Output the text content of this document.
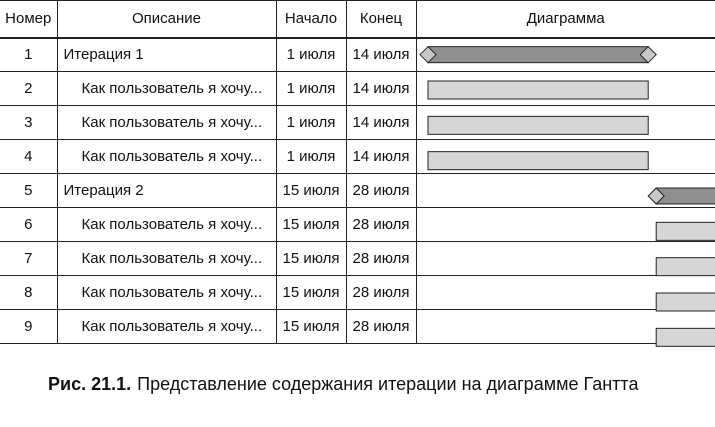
Номер	Описание	Начало	Конец	Диаграмма
1	Итерация 1	1 июля	14 июля	
2	Как пользователь я хочу...	1 июля	14 июля	
3	Как пользователь я хочу...	1 июля	14 июля	
4	Как пользователь я хочу...	1 июля	14 июля	
5	Итерация 2	15 июля	28 июля	
6	Как пользователь я хочу...	15 июля	28 июля	
7	Как пользователь я хочу...	15 июля	28 июля	
8	Как пользователь я хочу...	15 июля	28 июля	
9	Как пользователь я хочу...	15 июля	28 июля	
Рис. 21.1. Представление содержания итерации на диаграмме Гантта
